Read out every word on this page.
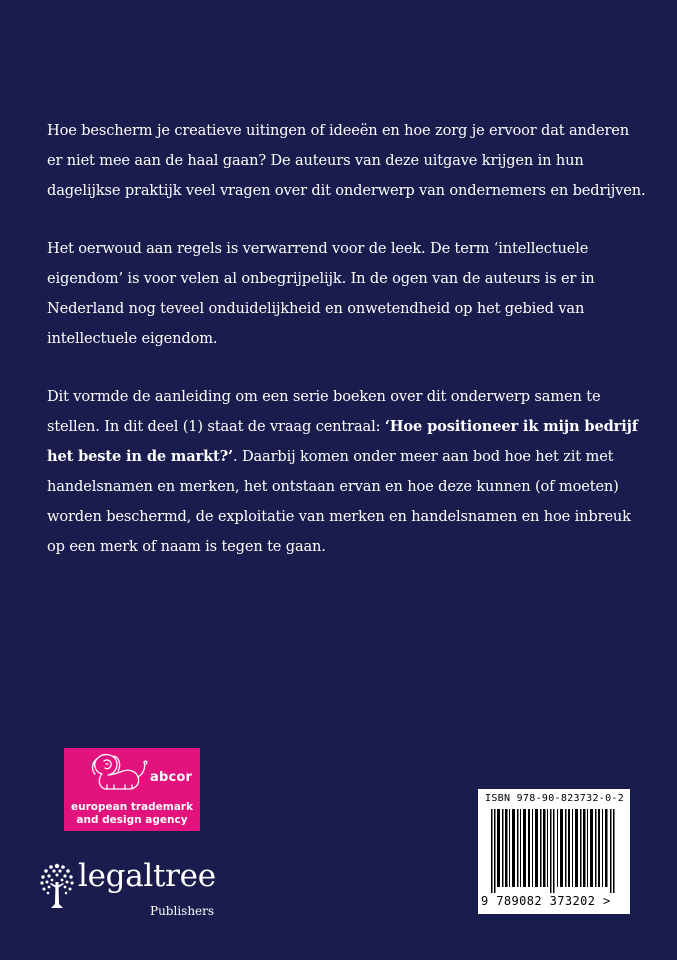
Hoe bescherm je creatieve uitingen of ideeën en hoe zorg je ervoor dat anderen er niet mee aan de haal gaan? De auteurs van deze uitgave krijgen in hun dagelijkse praktijk veel vragen over dit onderwerp van ondernemers en bedrijven.

Het oerwoud aan regels is verwarrend voor de leek. De term ‘intellectuele eigendom’ is voor velen al onbegrijpelijk. In de ogen van de auteurs is er in Nederland nog teveel onduidelijkheid en onwetendheid op het gebied van intellectuele eigendom.

Dit vormde de aanleiding om een serie boeken over dit onderwerp samen te stellen. In dit deel (1) staat de vraag centraal: ‘Hoe positioneer ik mijn bedrijf het beste in de markt?’. Daarbij komen onder meer aan bod hoe het zit met handelsnamen en merken, het ontstaan ervan en hoe deze kunnen (of moeten) worden beschermd, de exploitatie van merken en handelsnamen en hoe inbreuk op een merk of naam is tegen te gaan.

abcor
european trademark
and design agency
legaltree
Publishers
ISBN 978-90-823732-0-2
9 789082 373202 >
